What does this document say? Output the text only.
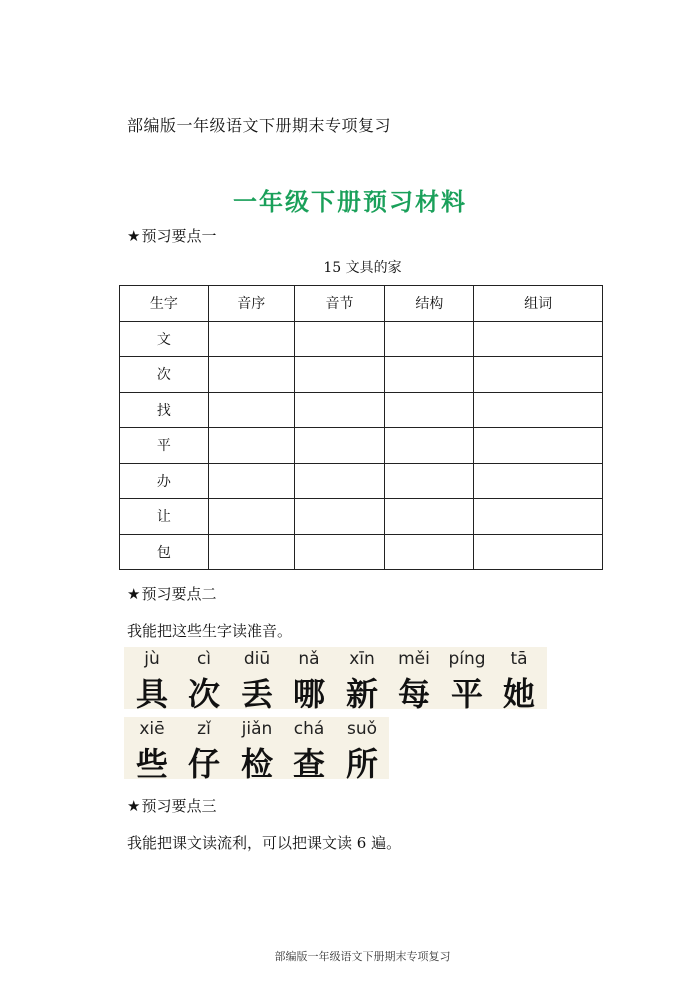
部编版一年级语文下册期末专项复习
一年级下册预习材料
★预习要点一
15 文具的家
生字	音序	音节	结构	组词
文				
次				
找				
平				
办				
让				
包				
★预习要点二
我能把这些生字读准音。
jù
具
cì
次
diū
丢
nǎ
哪
xīn
新
měi
每
píng
平
tā
她
xiē
些
zǐ
仔
jiǎn
检
chá
查
suǒ
所
★预习要点三
我能把课文读流利，可以把课文读 6 遍。
部编版一年级语文下册期末专项复习
